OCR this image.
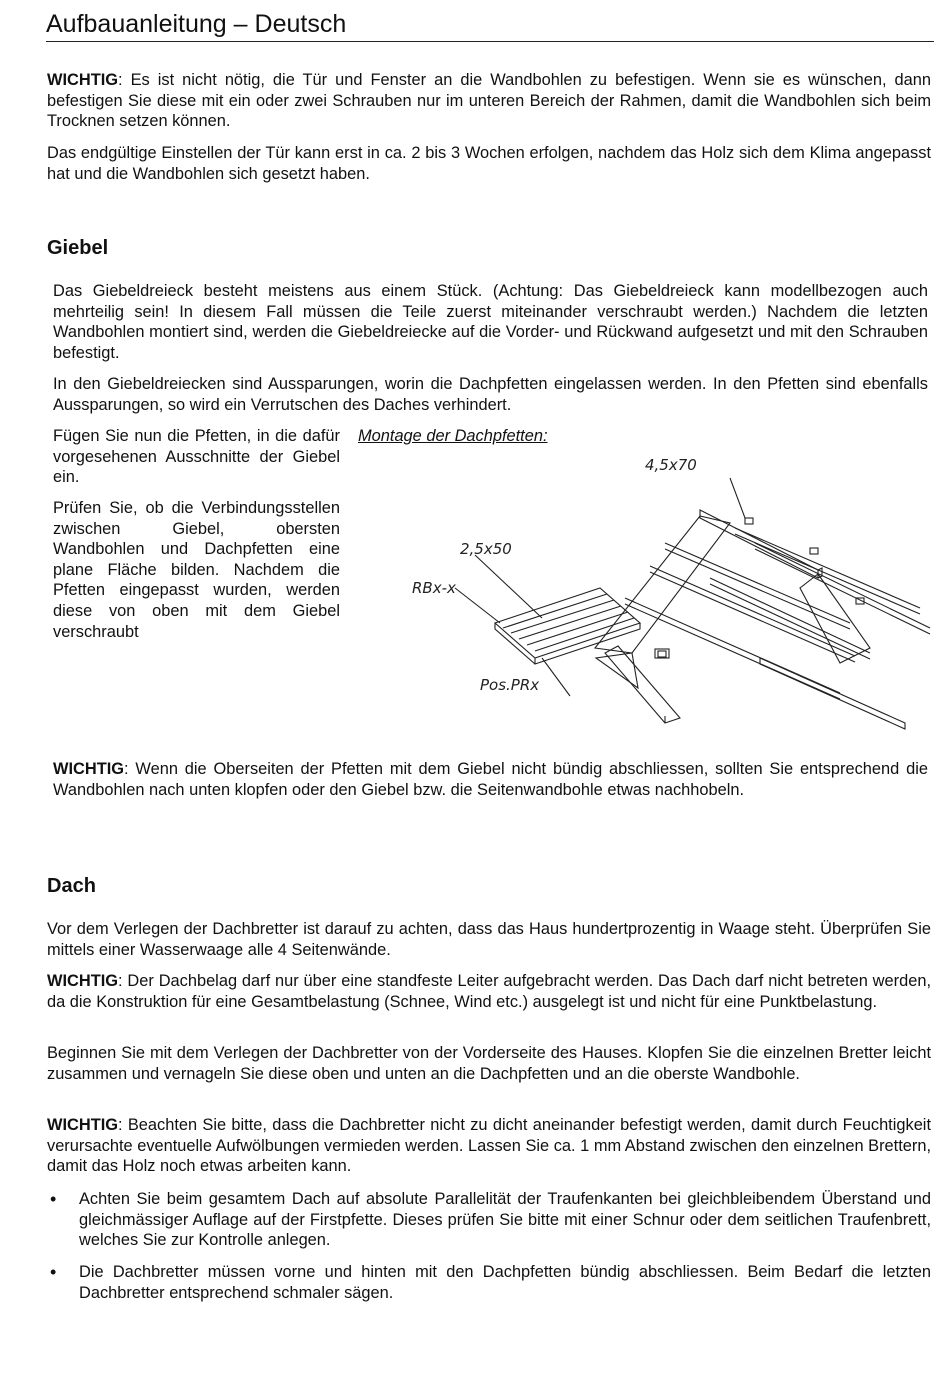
Aufbauanleitung – Deutsch

WICHTIG: Es ist nicht nötig, die Tür und Fenster an die Wandbohlen zu befestigen. Wenn sie es wünschen, dann befestigen Sie diese mit ein oder zwei Schrauben nur im unteren Bereich der Rahmen, damit die Wandbohlen sich beim Trocknen setzen können.

Das endgültige Einstellen der Tür kann erst in ca. 2 bis 3 Wochen erfolgen, nachdem das Holz sich dem Klima angepasst hat und die Wandbohlen sich gesetzt haben.

Giebel

Das Giebeldreieck besteht meistens aus einem Stück. (Achtung: Das Giebeldreieck kann modellbezogen auch mehrteilig sein! In diesem Fall müssen die Teile zuerst miteinander verschraubt werden.) Nachdem die letzten Wandbohlen montiert sind, werden die Giebeldreiecke auf die Vorder- und Rückwand aufgesetzt und mit den Schrauben befestigt.

In den Giebeldreiecken sind Aussparungen, worin die Dachpfetten eingelassen werden. In den Pfetten sind ebenfalls Aussparungen, so wird ein Verrutschen des Daches verhindert.

Fügen Sie nun die Pfetten, in die dafür vorgesehenen Ausschnitte der Giebel ein.

Prüfen Sie, ob die Verbindungsstellen zwischen Giebel, obersten Wandbohlen und Dachpfetten eine plane Fläche bilden. Nachdem die Pfetten eingepasst wurden, werden diese von oben mit dem Giebel verschraubt

Montage der Dachpfetten:
4,5x70
2,5x50
RBx-x
Pos.PRx

WICHTIG: Wenn die Oberseiten der Pfetten mit dem Giebel nicht bündig abschliessen, sollten Sie entsprechend die Wandbohlen nach unten klopfen oder den Giebel bzw. die Seitenwandbohle etwas nachhobeln.

Dach

Vor dem Verlegen der Dachbretter ist darauf zu achten, dass das Haus hundertprozentig in Waage steht. Überprüfen Sie mittels einer Wasserwaage alle 4 Seitenwände.

WICHTIG: Der Dachbelag darf nur über eine standfeste Leiter aufgebracht werden. Das Dach darf nicht betreten werden, da die Konstruktion für eine Gesamtbelastung (Schnee, Wind etc.) ausgelegt ist und nicht für eine Punktbelastung.

Beginnen Sie mit dem Verlegen der Dachbretter von der Vorderseite des Hauses. Klopfen Sie die einzelnen Bretter leicht zusammen und vernageln Sie diese oben und unten an die Dachpfetten und an die oberste Wandbohle.

WICHTIG: Beachten Sie bitte, dass die Dachbretter nicht zu dicht aneinander befestigt werden, damit durch Feuchtigkeit verursachte eventuelle Aufwölbungen vermieden werden. Lassen Sie ca. 1 mm Abstand zwischen den einzelnen Brettern, damit das Holz noch etwas arbeiten kann.

• Achten Sie beim gesamtem Dach auf absolute Parallelität der Traufenkanten bei gleichbleibendem Überstand und gleichmässiger Auflage auf der Firstpfette. Dieses prüfen Sie bitte mit einer Schnur oder dem seitlichen Traufenbrett, welches Sie zur Kontrolle anlegen.

• Die Dachbretter müssen vorne und hinten mit den Dachpfetten bündig abschliessen. Beim Bedarf die letzten Dachbretter entsprechend schmaler sägen.
